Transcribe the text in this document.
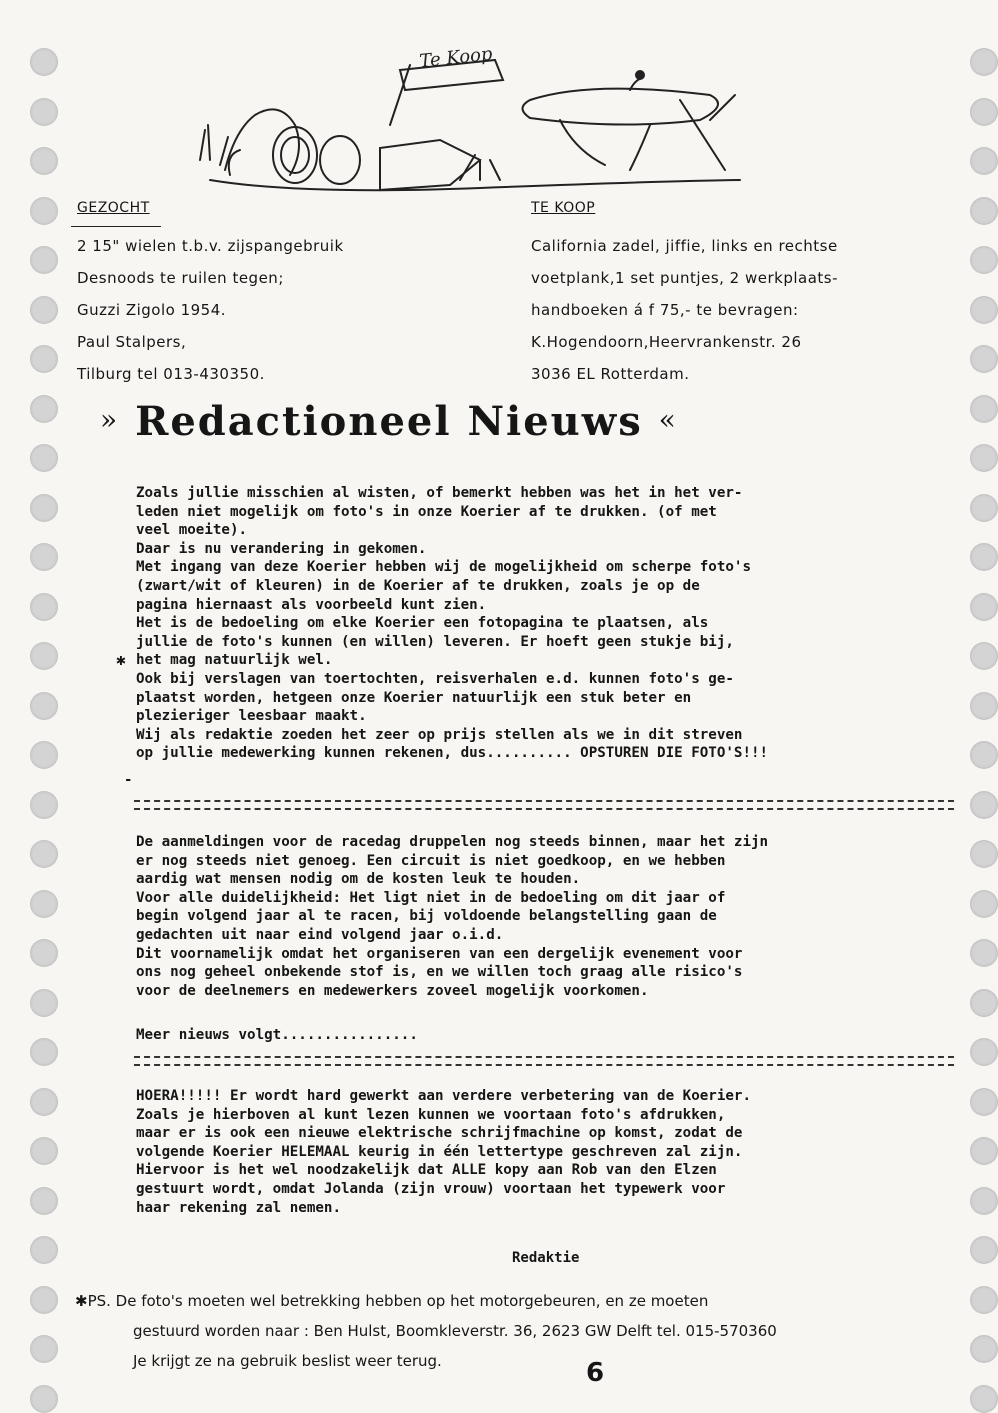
Te Koop
GEZOCHT
2 15" wielen t.b.v. zijspangebruik
Desnoods te ruilen tegen;
Guzzi Zigolo 1954.
Paul Stalpers,
Tilburg tel 013-430350.
TE KOOP
California zadel, jiffie, links en rechtse
voetplank,1 set puntjes, 2 werkplaats-
handboeken á f 75,- te bevragen:
K.Hogendoorn,Heervrankenstr. 26
3036 EL Rotterdam.
» Redactioneel Nieuws «
Zoals jullie misschien al wisten, of bemerkt hebben was het in het ver-
leden niet mogelijk om foto's in onze Koerier af te drukken. (of met
veel moeite).
Daar is nu verandering in gekomen.
Met ingang van deze Koerier hebben wij de mogelijkheid om scherpe foto's
(zwart/wit of kleuren) in de Koerier af te drukken, zoals je op de
pagina hiernaast als voorbeeld kunt zien.
Het is de bedoeling om elke Koerier een fotopagina te plaatsen, als
jullie de foto's kunnen (en willen) leveren. Er hoeft geen stukje bij,
het mag natuurlijk wel.
Ook bij verslagen van toertochten, reisverhalen e.d. kunnen foto's ge-
plaatst worden, hetgeen onze Koerier natuurlijk een stuk beter en
plezieriger leesbaar maakt.
Wij als redaktie zoeden het zeer op prijs stellen als we in dit streven
op jullie medewerking kunnen rekenen, dus.......... OPSTUREN DIE FOTO'S!!!
✱
-
De aanmeldingen voor de racedag druppelen nog steeds binnen, maar het zijn
er nog steeds niet genoeg. Een circuit is niet goedkoop, en we hebben
aardig wat mensen nodig om de kosten leuk te houden.
Voor alle duidelijkheid: Het ligt niet in de bedoeling om dit jaar of
begin volgend jaar al te racen, bij voldoende belangstelling gaan de
gedachten uit naar eind volgend jaar o.i.d.
Dit voornamelijk omdat het organiseren van een dergelijk evenement voor
ons nog geheel onbekende stof is, en we willen toch graag alle risico's
voor de deelnemers en medewerkers zoveel mogelijk voorkomen.
Meer nieuws volgt................
HOERA!!!!! Er wordt hard gewerkt aan verdere verbetering van de Koerier.
Zoals je hierboven al kunt lezen kunnen we voortaan foto's afdrukken,
maar er is ook een nieuwe elektrische schrijfmachine op komst, zodat de
volgende Koerier HELEMAAL keurig in één lettertype geschreven zal zijn.
Hiervoor is het wel noodzakelijk dat ALLE kopy aan Rob van den Elzen
gestuurt wordt, omdat Jolanda (zijn vrouw) voortaan het typewerk voor
haar rekening zal nemen.
Redaktie
✱PS. De foto's moeten wel betrekking hebben op het motorgebeuren, en ze moeten
gestuurd worden naar : Ben Hulst, Boomkleverstr. 36, 2623 GW Delft tel. 015-570360
Je krijgt ze na gebruik beslist weer terug.	6
